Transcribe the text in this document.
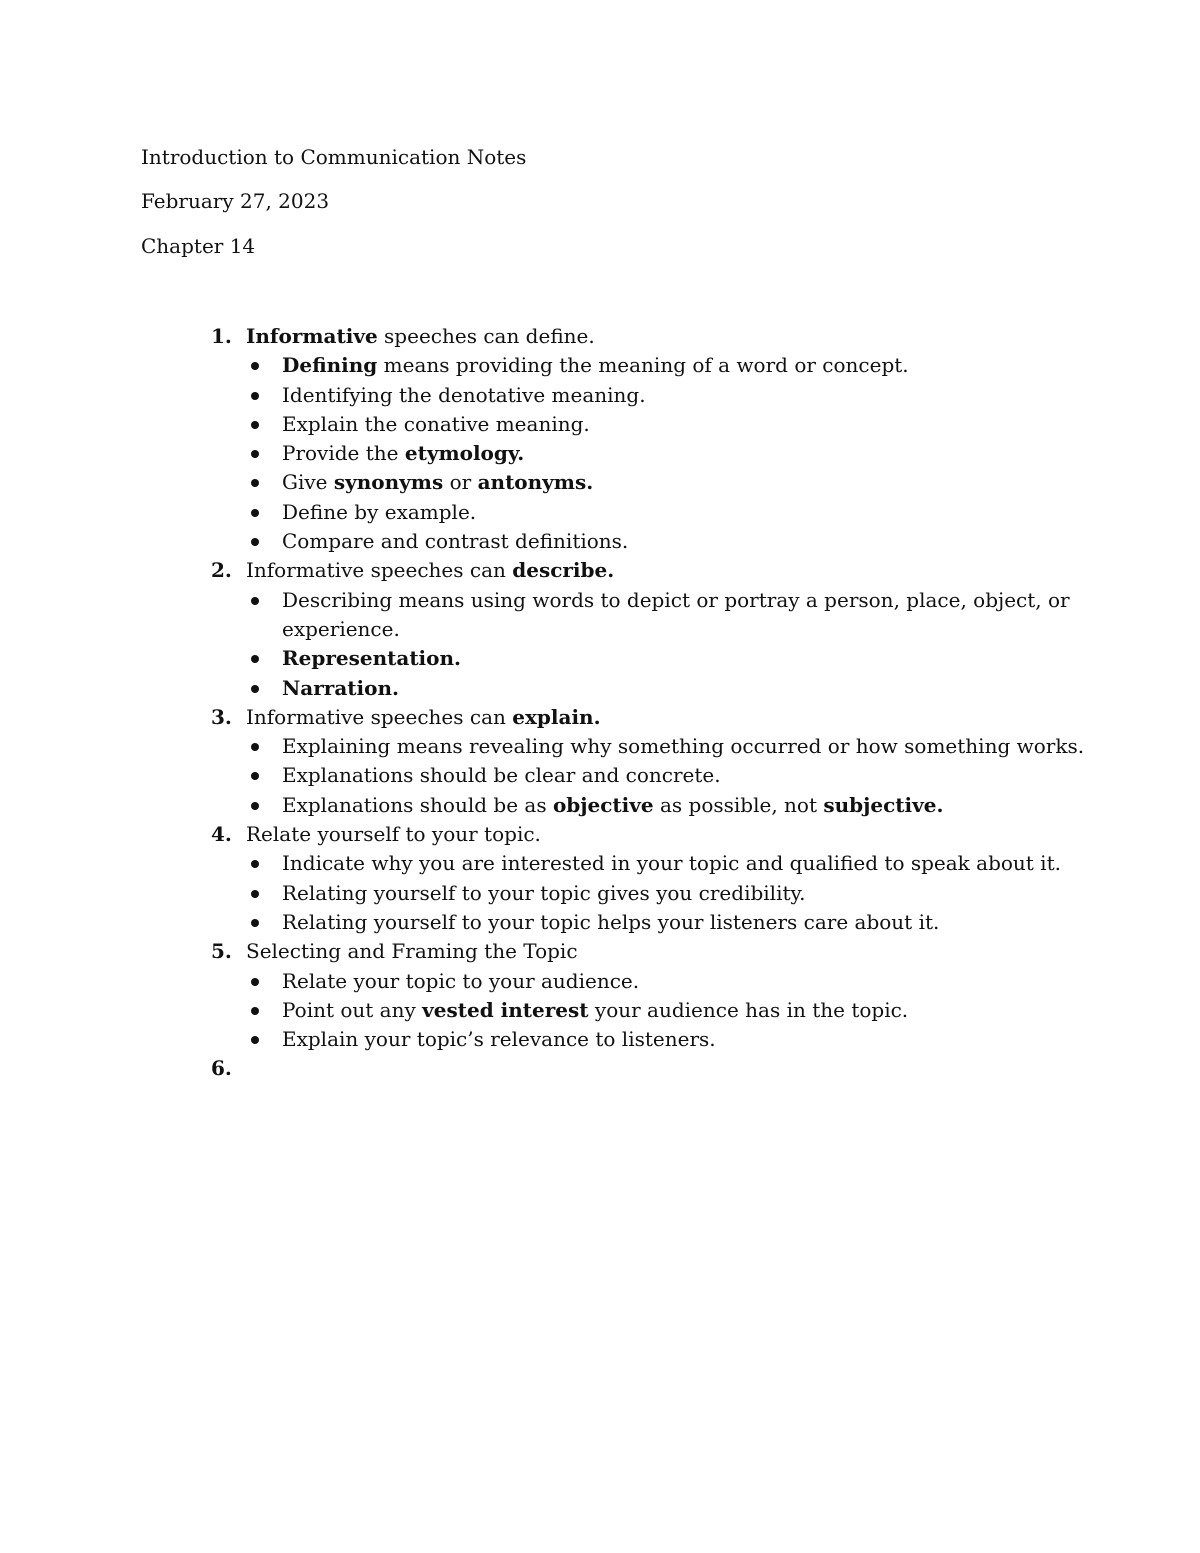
Introduction to Communication Notes
February 27, 2023
Chapter 14
1. Informative speeches can define.
Defining means providing the meaning of a word or concept.
Identifying the denotative meaning.
Explain the conative meaning.
Provide the etymology.
Give synonyms or antonyms.
Define by example.
Compare and contrast definitions.
2. Informative speeches can describe.
Describing means using words to depict or portray a person, place, object, or
experience.
Representation.
Narration.
3. Informative speeches can explain.
Explaining means revealing why something occurred or how something works.
Explanations should be clear and concrete.
Explanations should be as objective as possible, not subjective.
4. Relate yourself to your topic.
Indicate why you are interested in your topic and qualified to speak about it.
Relating yourself to your topic gives you credibility.
Relating yourself to your topic helps your listeners care about it.
5. Selecting and Framing the Topic
Relate your topic to your audience.
Point out any vested interest your audience has in the topic.
Explain your topic’s relevance to listeners.
6.
